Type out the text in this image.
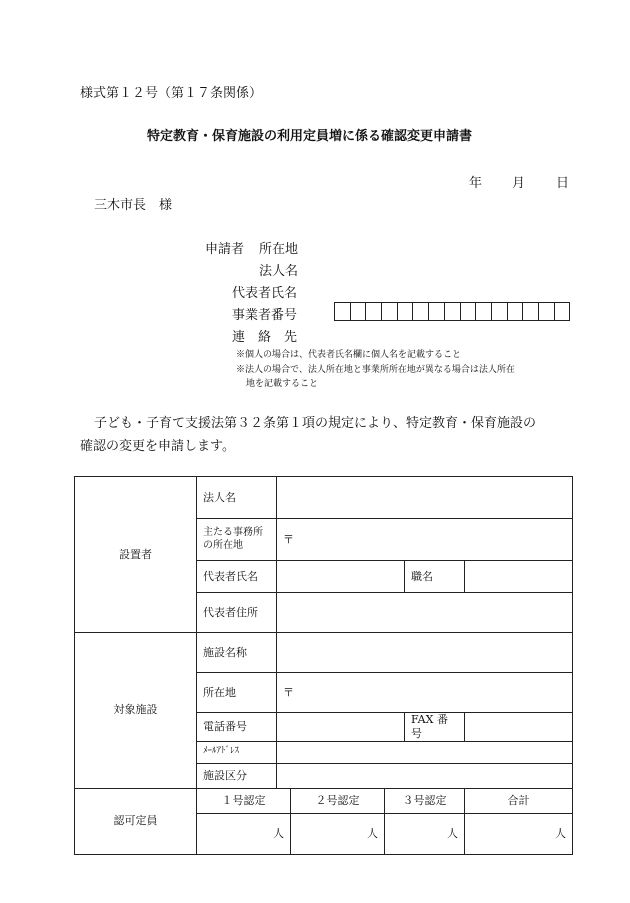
様式第１２号（第１７条関係）
特定教育・保育施設の利用定員増に係る確認変更申請書
年 月 日
三木市長　様
申請者 所在地
法人名
代表者氏名
事業者番号
連　絡　先
※個人の場合は、代表者氏名欄に個人名を記載すること
※法人の場合で、法人所在地と事業所所在地が異なる場合は法人所在
地を記載すること
子ども・子育て支援法第３２条第１項の規定により、特定教育・保育施設の
確認の変更を申請します。
設置者	法人名					
	主たる事務所
の所在地	〒				
	代表者氏名				職名	
	代表者住所					
対象施設	施設名称					
	所在地	〒				
	電話番号				FAX 番号	
	ﾒｰﾙｱﾄﾞﾚｽ					
	施設区分					
認可定員	１号認定		２号認定	３号認定		合計
	人		人	人		人
